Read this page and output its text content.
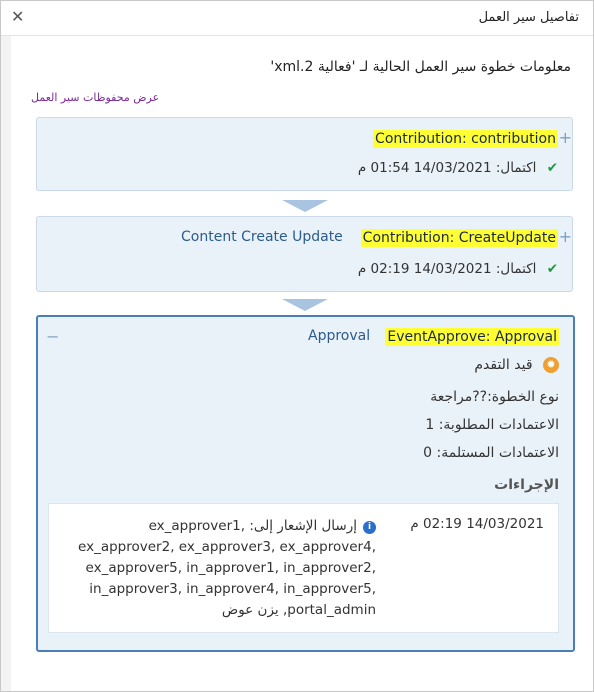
✕	تفاصيل سير العمل
معلومات خطوة سير العمل الحالية لـ 'فعالية 2.xml'
عرض محفوظات سير العمل
+
Contribution: contribution
✔ اكتمال: 14/03/2021 01:54 م
+
Contribution: CreateUpdate
Content Create Update
✔ اكتمال: 14/03/2021 02:19 م
−	EventApprove: Approval
Approval
✹ قيد التقدم
نوع الخطوة:??مراجعة
الاعتمادات المطلوبة: 1
الاعتمادات المستلمة: 0
الإجراءات
14/03/2021 02:19 م
iإرسال الإشعار إلى: ex_approver1, ex_approver2, ex_approver3, ex_approver4, ex_approver5, in_approver1, in_approver2, in_approver3, in_approver4, in_approver5, portal_admin, يزن عوض
